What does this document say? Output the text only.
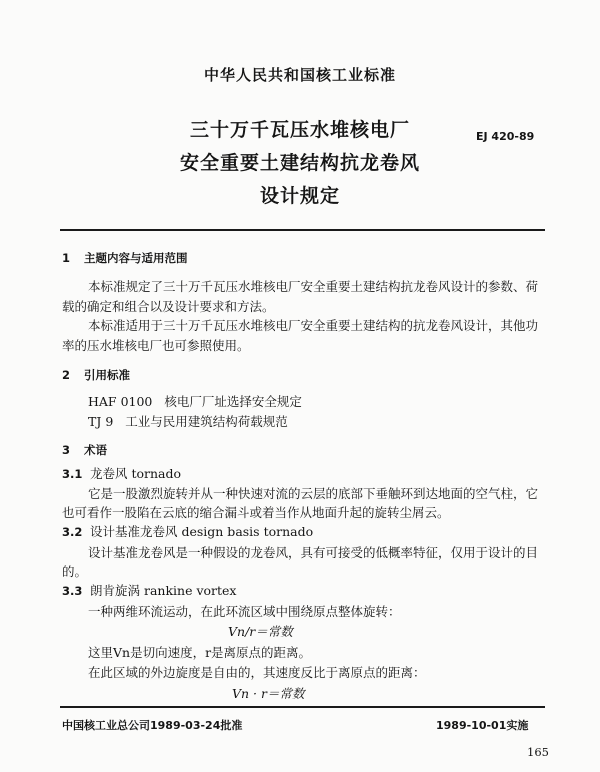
中华人民共和国核工业标准
三十万千瓦压水堆核电厂
安全重要土建结构抗龙卷风
设计规定
EJ 420-89
1 主题内容与适用范围
本标准规定了三十万千瓦压水堆核电厂安全重要土建结构抗龙卷风设计的参数、荷
载的确定和组合以及设计要求和方法。
本标准适用于三十万千瓦压水堆核电厂安全重要土建结构的抗龙卷风设计，其他功
率的压水堆核电厂也可参照使用。
2 引用标准
HAF 0100 核电厂厂址选择安全规定
TJ 9 工业与民用建筑结构荷载规范
3 术语
3.1 龙卷风 tornado
它是一股激烈旋转并从一种快速对流的云层的底部下垂触环到达地面的空气柱，它
也可看作一股陷在云底的缩合漏斗或着当作从地面升起的旋转尘屑云。
3.2 设计基准龙卷风 design basis tornado
设计基准龙卷风是一种假设的龙卷风，具有可接受的低概率特征，仅用于设计的目
的。
3.3 朗肯旋涡 rankine vortex
一种两维环流运动，在此环流区域中围绕原点整体旋转：
Vn/r＝常数
这里Vn是切向速度，r是离原点的距离。
在此区域的外边旋度是自由的，其速度反比于离原点的距离：
Vn · r＝常数
中国核工业总公司1989-03-24批准	1989-10-01实施
165
